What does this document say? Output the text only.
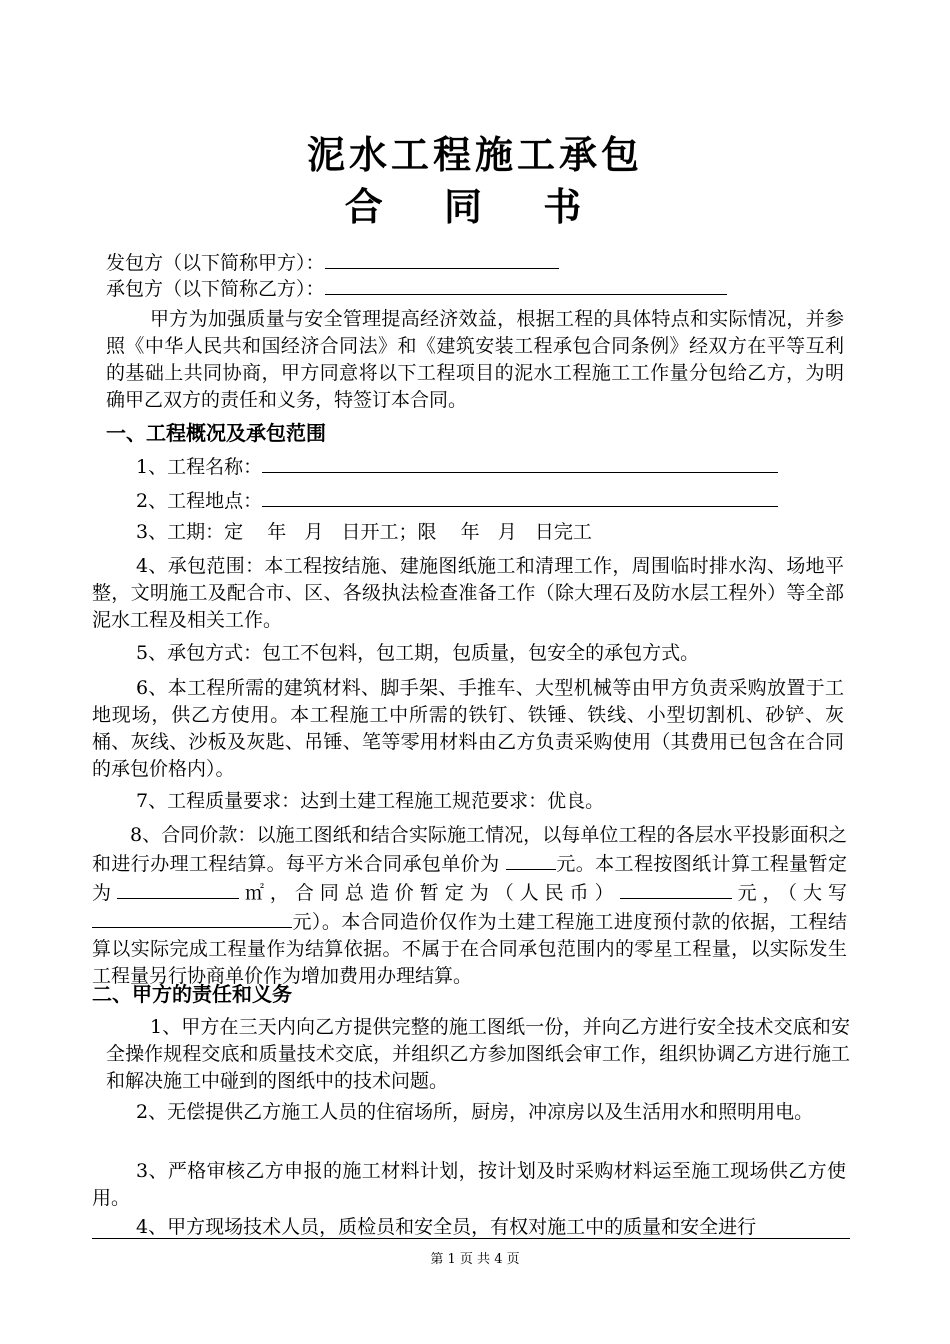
泥水工程施工承包
合 同 书
发包方（以下简称甲方）：
承包方（以下简称乙方）：
甲方为加强质量与安全管理提高经济效益，根据工程的具体特点和实际情况，并参照《中华人民共和国经济合同法》和《建筑安装工程承包合同条例》经双方在平等互利的基础上共同协商，甲方同意将以下工程项目的泥水工程施工工作量分包给乙方，为明确甲乙双方的责任和义务，特签订本合同。
一、工程概况及承包范围
1、工程名称：
2、工程地点：
3、工期：定    年   月   日开工；限    年   月   日完工
4、承包范围：本工程按结施、建施图纸施工和清理工作，周围临时排水沟、场地平整，文明施工及配合市、区、各级执法检查准备工作（除大理石及防水层工程外）等全部泥水工程及相关工作。
5、承包方式：包工不包料，包工期，包质量，包安全的承包方式。
6、本工程所需的建筑材料、脚手架、手推车、大型机械等由甲方负责采购放置于工地现场，供乙方使用。本工程施工中所需的铁钉、铁锤、铁线、小型切割机、砂铲、灰桶、灰线、沙板及灰匙、吊锤、笔等零用材料由乙方负责采购使用（其费用已包含在合同的承包价格内）。
7、工程质量要求：达到土建工程施工规范要求：优良。
8、合同价款：以施工图纸和结合实际施工情况，以每单位工程的各层水平投影面积之和进行办理工程结算。每平方米合同承包单价为	元。本工程按图纸计算工程量暂定为	㎡，合同总造价暂定为（人民币）	元，（大写元）。本合同造价仅作为土建工程施工进度预付款的依据，工程结算以实际完成工程量作为结算依据。不属于在合同承包范围内的零星工程量，以实际发生工程量另行协商单价作为增加费用办理结算。
二、甲方的责任和义务
1、甲方在三天内向乙方提供完整的施工图纸一份，并向乙方进行安全技术交底和安全操作规程交底和质量技术交底，并组织乙方参加图纸会审工作，组织协调乙方进行施工和解决施工中碰到的图纸中的技术问题。
2、无偿提供乙方施工人员的住宿场所，厨房，冲凉房以及生活用水和照明用电。
3、严格审核乙方申报的施工材料计划，按计划及时采购材料运至施工现场供乙方使用。
4、甲方现场技术人员，质检员和安全员，有权对施工中的质量和安全进行
第 1 页 共 4 页
